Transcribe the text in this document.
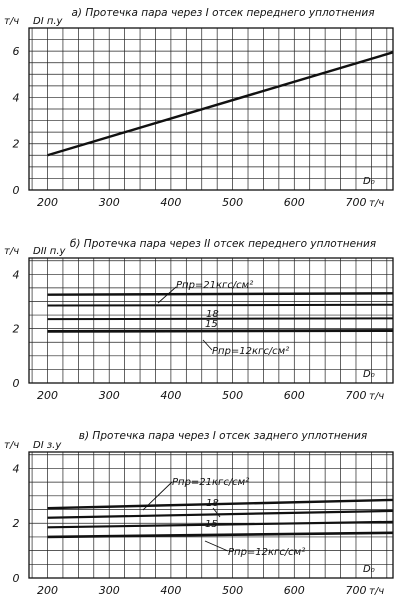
а) Протечка пара через I отсек переднего уплотнения
т/ч DI п.у
0
2
4
6
200	300	400	500	600	700
D₀
т/ч
б) Протечка пара через II отсек переднего уплотнения
т/ч DII п.у
0
2
4
200	300	400	500	600	700
D₀
т/ч
Pпр=21кгс/см²
18
15
Pпр=12кгс/см²
в) Протечка пара через I отсек заднего уплотнения
т/ч DI з.у
0
2
4
200	300	400	500	600	700
D₀
т/ч
Pпр=21кгс/см²
18
15
Pпр=12кгс/см²
